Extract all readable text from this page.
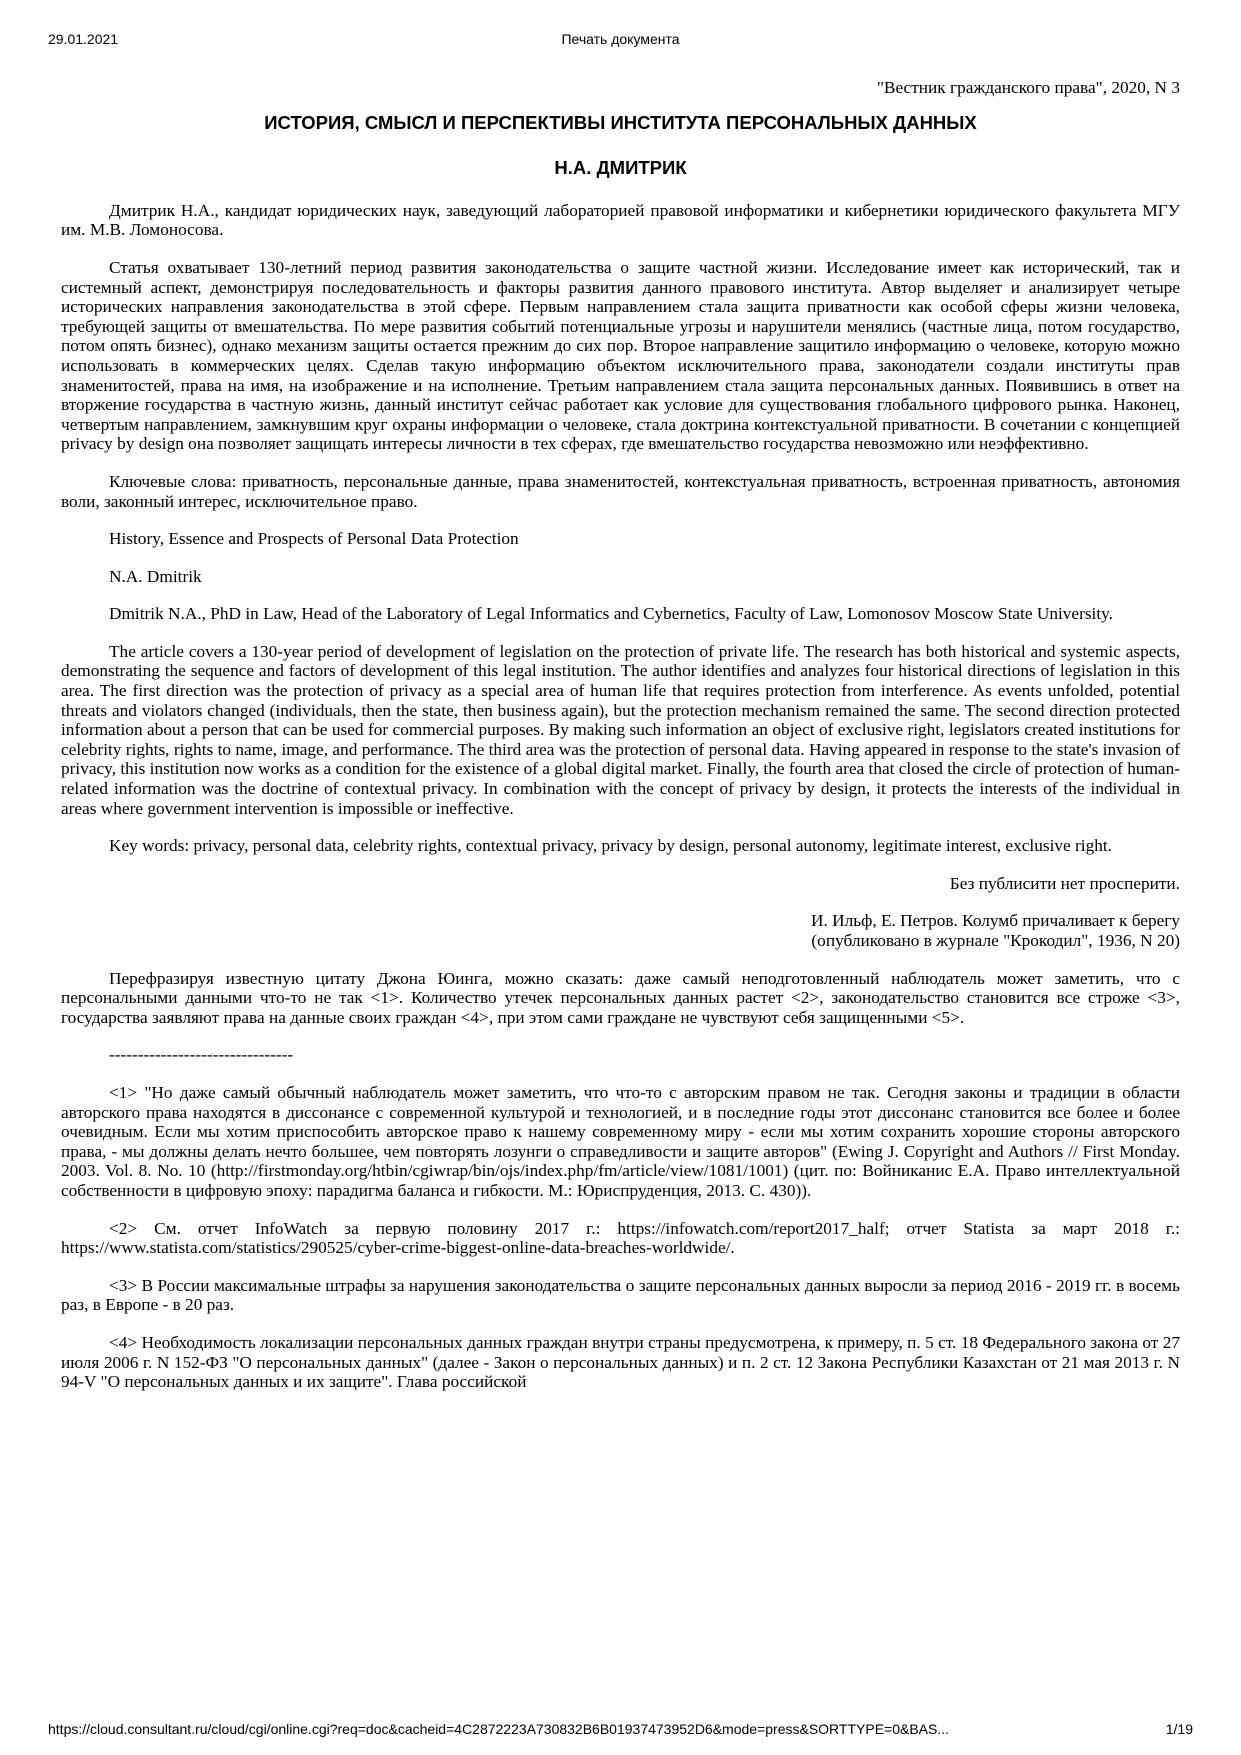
29.01.2021	Печать документа

"Вестник гражданского права", 2020, N 3

ИСТОРИЯ, СМЫСЛ И ПЕРСПЕКТИВЫ ИНСТИТУТА ПЕРСОНАЛЬНЫХ ДАННЫХ

Н.А. ДМИТРИК

Дмитрик Н.А., кандидат юридических наук, заведующий лабораторией правовой информатики и кибернетики юридического факультета МГУ им. М.В. Ломоносова.

Статья охватывает 130-летний период развития законодательства о защите частной жизни. Исследование имеет как исторический, так и системный аспект, демонстрируя последовательность и факторы развития данного правового института. Автор выделяет и анализирует четыре исторических направления законодательства в этой сфере. Первым направлением стала защита приватности как особой сферы жизни человека, требующей защиты от вмешательства. По мере развития событий потенциальные угрозы и нарушители менялись (частные лица, потом государство, потом опять бизнес), однако механизм защиты остается прежним до сих пор. Второе направление защитило информацию о человеке, которую можно использовать в коммерческих целях. Сделав такую информацию объектом исключительного права, законодатели создали институты прав знаменитостей, права на имя, на изображение и на исполнение. Третьим направлением стала защита персональных данных. Появившись в ответ на вторжение государства в частную жизнь, данный институт сейчас работает как условие для существования глобального цифрового рынка. Наконец, четвертым направлением, замкнувшим круг охраны информации о человеке, стала доктрина контекстуальной приватности. В сочетании с концепцией privacy by design она позволяет защищать интересы личности в тех сферах, где вмешательство государства невозможно или неэффективно.

Ключевые слова: приватность, персональные данные, права знаменитостей, контекстуальная приватность, встроенная приватность, автономия воли, законный интерес, исключительное право.

History, Essence and Prospects of Personal Data Protection

N.A. Dmitrik

Dmitrik N.A., PhD in Law, Head of the Laboratory of Legal Informatics and Cybernetics, Faculty of Law, Lomonosov Moscow State University.

The article covers a 130-year period of development of legislation on the protection of private life. The research has both historical and systemic aspects, demonstrating the sequence and factors of development of this legal institution. The author identifies and analyzes four historical directions of legislation in this area. The first direction was the protection of privacy as a special area of human life that requires protection from interference. As events unfolded, potential threats and violators changed (individuals, then the state, then business again), but the protection mechanism remained the same. The second direction protected information about a person that can be used for commercial purposes. By making such information an object of exclusive right, legislators created institutions for celebrity rights, rights to name, image, and performance. The third area was the protection of personal data. Having appeared in response to the state's invasion of privacy, this institution now works as a condition for the existence of a global digital market. Finally, the fourth area that closed the circle of protection of human-related information was the doctrine of contextual privacy. In combination with the concept of privacy by design, it protects the interests of the individual in areas where government intervention is impossible or ineffective.

Key words: privacy, personal data, celebrity rights, contextual privacy, privacy by design, personal autonomy, legitimate interest, exclusive right.

Без публисити нет просперити.

И. Ильф, Е. Петров. Колумб причаливает к берегу

(опубликовано в журнале "Крокодил", 1936, N 20)

Перефразируя известную цитату Джона Юинга, можно сказать: даже самый неподготовленный наблюдатель может заметить, что с персональными данными что-то не так <1>. Количество утечек персональных данных растет <2>, законодательство становится все строже <3>, государства заявляют права на данные своих граждан <4>, при этом сами граждане не чувствуют себя защищенными <5>.

--------------------------------

<1> "Но даже самый обычный наблюдатель может заметить, что что-то с авторским правом не так. Сегодня законы и традиции в области авторского права находятся в диссонансе с современной культурой и технологией, и в последние годы этот диссонанс становится все более и более очевидным. Если мы хотим приспособить авторское право к нашему современному миру - если мы хотим сохранить хорошие стороны авторского права, - мы должны делать нечто большее, чем повторять лозунги о справедливости и защите авторов" (Ewing J. Copyright and Authors // First Monday. 2003. Vol. 8. No. 10 (http://firstmonday.org/htbin/cgiwrap/bin/ojs/index.php/fm/article/view/1081/1001) (цит. по: Войниканис Е.А. Право интеллектуальной собственности в цифровую эпоху: парадигма баланса и гибкости. М.: Юриспруденция, 2013. С. 430)).

<2> См. отчет InfoWatch за первую половину 2017 г.: https://infowatch.com/report2017_half; отчет Statista за март 2018 г.: https://www.statista.com/statistics/290525/cyber-crime-biggest-online-data-breaches-worldwide/.

<3> В России максимальные штрафы за нарушения законодательства о защите персональных данных выросли за период 2016 - 2019 гг. в восемь раз, в Европе - в 20 раз.

<4> Необходимость локализации персональных данных граждан внутри страны предусмотрена, к примеру, п. 5 ст. 18 Федерального закона от 27 июля 2006 г. N 152-ФЗ "О персональных данных" (далее - Закон о персональных данных) и п. 2 ст. 12 Закона Республики Казахстан от 21 мая 2013 г. N 94-V "О персональных данных и их защите". Глава российской

https://cloud.consultant.ru/cloud/cgi/online.cgi?req=doc&cacheid=4C2872223A730832B6B01937473952D6&mode=press&SORTTYPE=0&BAS...	1/19
